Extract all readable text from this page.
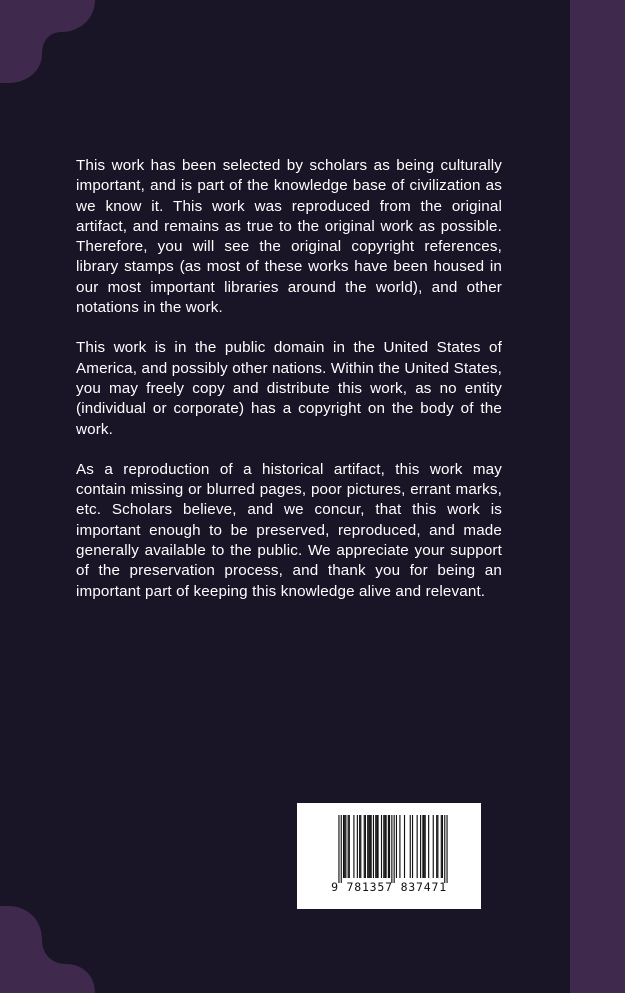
This work has been selected by scholars as being culturally important, and is part of the knowledge base of civilization as we know it. This work was reproduced from the original artifact, and remains as true to the original work as possible. Therefore, you will see the original copyright references, library stamps (as most of these works have been housed in our most important libraries around the world), and other notations in the work.

This work is in the public domain in the United States of America, and possibly other nations. Within the United States, you may freely copy and distribute this work, as no entity (individual or corporate) has a copyright on the body of the work.

As a reproduction of a historical artifact, this work may contain missing or blurred pages, poor pictures, errant marks, etc. Scholars believe, and we concur, that this work is important enough to be preserved, reproduced, and made generally available to the public. We appreciate your support of the preservation process, and thank you for being an important part of keeping this knowledge alive and relevant.

9 781357 837471
